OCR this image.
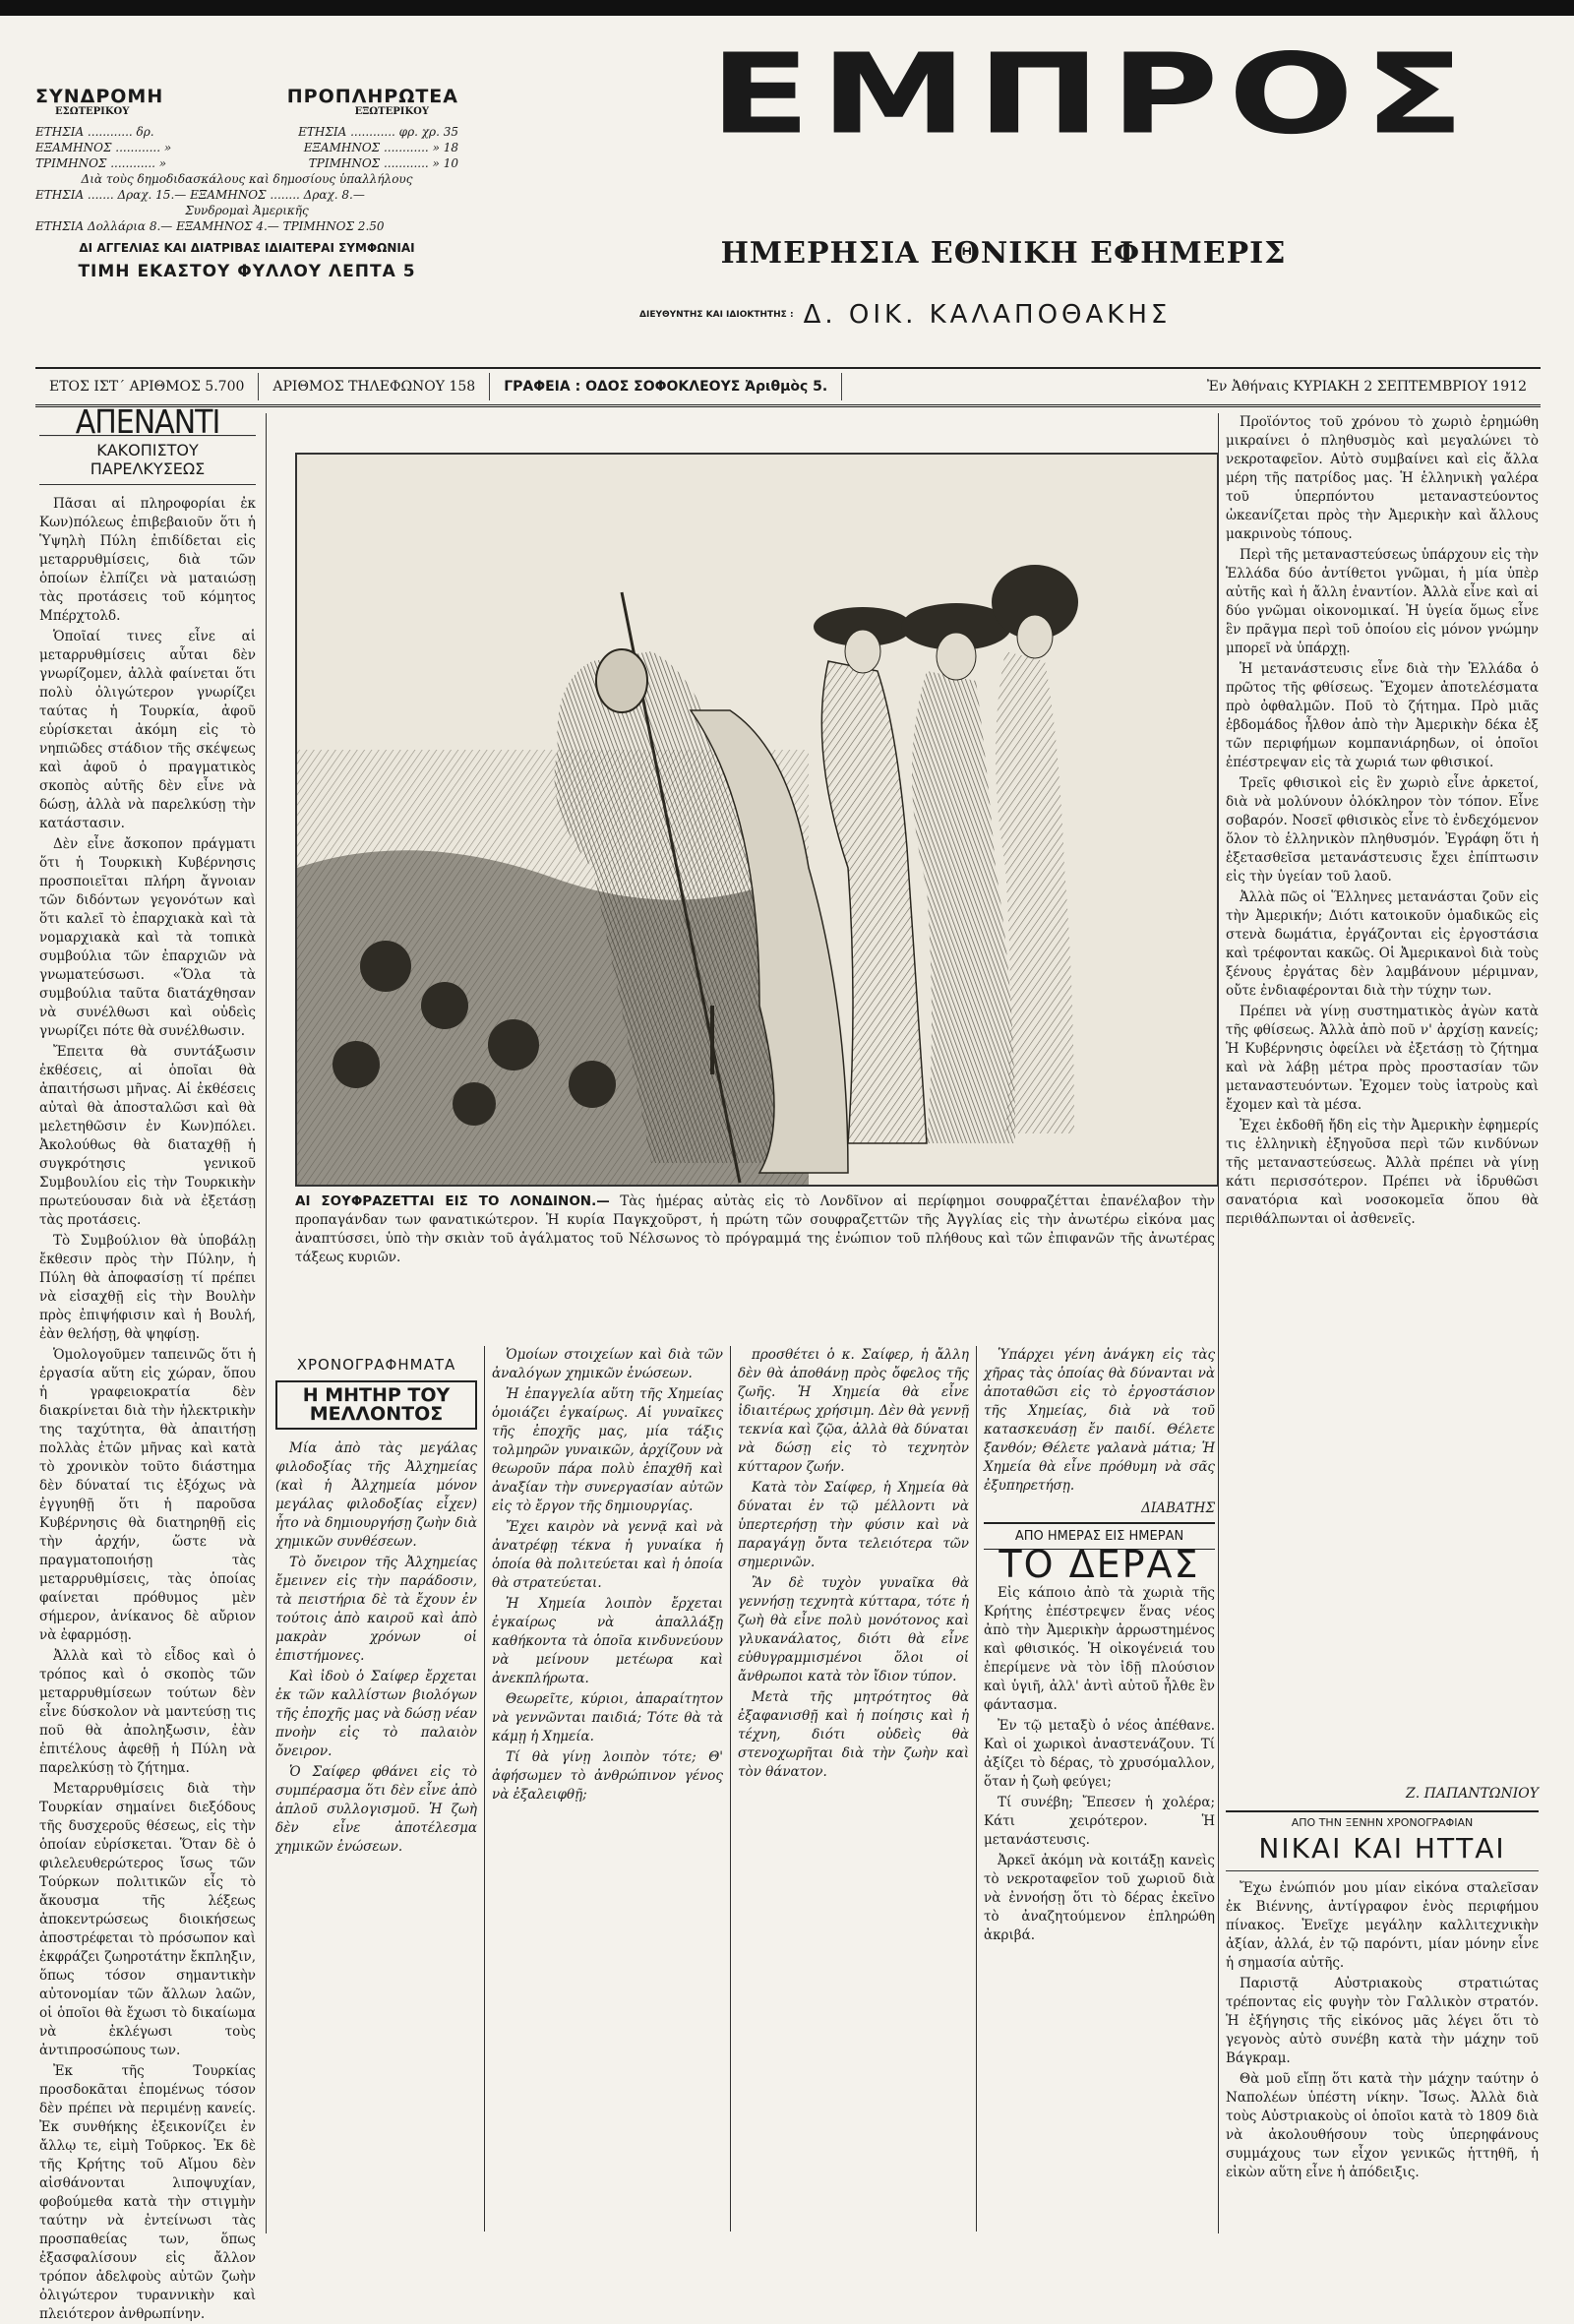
ΣΥΝΔΡΟΜΗ	ΠΡΟΠΛΗΡΩΤΕΑ
ΕΣΩΤΕΡΙΚΟΥ	ΕΞΩΤΕΡΙΚΟΥ
ΕΤΗΣΙΑ ............ δρ.	ΕΤΗΣΙΑ ............ φρ. χρ. 35
ΕΞΑΜΗΝΟΣ ............ »	ΕΞΑΜΗΝΟΣ ............ » 18
ΤΡΙΜΗΝΟΣ ............ »	ΤΡΙΜΗΝΟΣ ............ » 10
Διὰ τοὺς δημοδιδασκάλους καὶ δημοσίους ὑπαλλήλους
ΕΤΗΣΙΑ ....... Δραχ. 15.— ΕΞΑΜΗΝΟΣ ........ Δραχ. 8.—
Συνδρομαὶ Ἀμερικῆς
ΕΤΗΣΙΑ Δολλάρια 8.— ΕΞΑΜΗΝΟΣ 4.— ΤΡΙΜΗΝΟΣ 2.50
ΔΙ ΑΓΓΕΛΙΑΣ ΚΑΙ ΔΙΑΤΡΙΒΑΣ ΙΔΙΑΙΤΕΡΑΙ ΣΥΜΦΩΝΙΑΙ
ΤΙΜΗ ΕΚΑΣΤΟΥ ΦΥΛΛΟΥ ΛΕΠΤΑ 5
ΕΜΠΡΟΣ
ΗΜΕΡΗΣΙΑ ΕΘΝΙΚΗ ΕΦΗΜΕΡΙΣ
ΔΙΕΥΘΥΝΤΗΣ ΚΑΙ ΙΔΙΟΚΤΗΤΗΣ : Δ. ΟΙΚ. ΚΑΛΑΠΟΘΑΚΗΣ
ΕΤΟΣ ΙΣΤ΄ ΑΡΙΘΜΟΣ 5.700	ΑΡΙΘΜΟΣ ΤΗΛΕΦΩΝΟΥ 158	ΓΡΑΦΕΙΑ : ΟΔΟΣ ΣΟΦΟΚΛΕΟΥΣ Ἀριθμὸς 5.	Ἐν Ἀθήναις ΚΥΡΙΑΚΗ 2 ΣΕΠΤΕΜΒΡΙΟΥ 1912
ΑΠΕΝΑΝΤΙ
ΚΑΚΟΠΙΣΤΟΥ ΠΑΡΕΛΚΥΣΕΩΣ

Πᾶσαι αἱ πληροφορίαι ἐκ Κων)πόλεως ἐπιβεβαιοῦν ὅτι ἡ Ὑψηλὴ Πύλη ἐπιδίδεται εἰς μεταρρυθμίσεις, διὰ τῶν ὁποίων ἐλπίζει νὰ ματαιώσῃ τὰς προτάσεις τοῦ κόμητος Μπέρχτολδ.

Ὁποῖαί τινες εἶνε αἱ μεταρρυθμίσεις αὗται δὲν γνωρίζομεν, ἀλλὰ φαίνεται ὅτι πολὺ ὀλιγώτερον γνωρίζει ταύτας ἡ Τουρκία, ἀφοῦ εὑρίσκεται ἀκόμη εἰς τὸ νηπιῶδες στάδιον τῆς σκέψεως καὶ ἀφοῦ ὁ πραγματικὸς σκοπὸς αὐτῆς δὲν εἶνε νὰ δώσῃ, ἀλλὰ νὰ παρελκύσῃ τὴν κατάστασιν.

Δὲν εἶνε ἄσκοπον πράγματι ὅτι ἡ Τουρκικὴ Κυβέρνησις προσποιεῖται πλήρη ἄγνοιαν τῶν διδόντων γεγονότων καὶ ὅτι καλεῖ τὸ ἐπαρχιακὰ καὶ τὰ νομαρχιακὰ καὶ τὰ τοπικὰ συμβούλια τῶν ἐπαρχιῶν νὰ γνωματεύσωσι. «Ὅλα τὰ συμβούλια ταῦτα διατάχθησαν νὰ συνέλθωσι καὶ οὐδεὶς γνωρίζει πότε θὰ συνέλθωσιν.

Ἔπειτα θὰ συντάξωσιν ἐκθέσεις, αἱ ὁποῖαι θὰ ἀπαιτήσωσι μῆνας. Αἱ ἐκθέσεις αὐταὶ θὰ ἀποσταλῶσι καὶ θὰ μελετηθῶσιν ἐν Κων)πόλει. Ἀκολούθως θὰ διαταχθῇ ἡ συγκρότησις γενικοῦ Συμβουλίου εἰς τὴν Τουρκικὴν πρωτεύουσαν διὰ νὰ ἐξετάσῃ τὰς προτάσεις.

Τὸ Συμβούλιον θὰ ὑποβάλῃ ἔκθεσιν πρὸς τὴν Πύλην, ἡ Πύλη θὰ ἀποφασίσῃ τί πρέπει νὰ εἰσαχθῇ εἰς τὴν Βουλὴν πρὸς ἐπιψήφισιν καὶ ἡ Βουλή, ἐὰν θελήσῃ, θὰ ψηφίσῃ.

Ὁμολογοῦμεν ταπεινῶς ὅτι ἡ ἐργασία αὕτη εἰς χώραν, ὅπου ἡ γραφειοκρατία δὲν διακρίνεται διὰ τὴν ἠλεκτρικὴν της ταχύτητα, θὰ ἀπαιτήσῃ πολλὰς ἐτῶν μῆνας καὶ κατὰ τὸ χρονικὸν τοῦτο διάστημα δὲν δύναταί τις ἐξόχως νὰ ἐγγυηθῇ ὅτι ἡ παροῦσα Κυβέρνησις θὰ διατηρηθῇ εἰς τὴν ἀρχήν, ὥστε νὰ πραγματοποιήσῃ τὰς μεταρρυθμίσεις, τὰς ὁποίας φαίνεται πρόθυμος μὲν σήμερον, ἀνίκανος δὲ αὔριον νὰ ἐφαρμόσῃ.

Ἀλλὰ καὶ τὸ εἶδος καὶ ὁ τρόπος καὶ ὁ σκοπὸς τῶν μεταρρυθμίσεων τούτων δὲν εἶνε δύσκολον νὰ μαντεύσῃ τις ποῦ θὰ ἀποληξωσιν, ἐὰν ἐπιτέλους ἀφεθῇ ἡ Πύλη νὰ παρελκύσῃ τὸ ζήτημα.

Μεταρρυθμίσεις διὰ τὴν Τουρκίαν σημαίνει διεξόδους τῆς δυσχεροῦς θέσεως, εἰς τὴν ὁποίαν εὑρίσκεται. Ὅταν δὲ ὁ φιλελευθερώτερος ἴσως τῶν Τούρκων πολιτικῶν εἶς τὸ ἄκουσμα τῆς λέξεως ἀποκεντρώσεως διοικήσεως ἀποστρέφεται τὸ πρόσωπον καὶ ἐκφράζει ζωηροτάτην ἔκπληξιν, ὅπως τόσον σημαντικὴν αὐτονομίαν τῶν ἄλλων λαῶν, οἱ ὁποῖοι θὰ ἔχωσι τὸ δικαίωμα νὰ ἐκλέγωσι τοὺς ἀντιπροσώπους των.

Ἐκ τῆς Τουρκίας προσδοκᾶται ἐπομένως τόσον δὲν πρέπει νὰ περιμένῃ κανείς. Ἐκ συνθήκης ἐξεικονίζει ἐν ἄλλῳ τε, εἰμὴ Τοῦρκος. Ἐκ δὲ τῆς Κρήτης τοῦ Αἴμου δὲν αἰσθάνονται λιποψυχίαν, φοβούμεθα κατὰ τὴν στιγμὴν ταύτην νὰ ἐντείνωσι τὰς προσπαθείας των, ὅπως ἐξασφαλίσουν εἰς ἄλλον τρόπον ἀδελφοὺς αὐτῶν ζωὴν ὀλιγώτερον τυραννικὴν καὶ πλειότερον ἀνθρωπίνην.

ΑΙ ΣΟΥΦΡΑΖΕΤΤΑΙ ΕΙΣ ΤΟ ΛΟΝΔΙΝΟΝ.— Τὰς ἡμέρας αὐτὰς εἰς τὸ Λονδῖνον αἱ περίφημοι σουφραζέτται ἐπανέλαβον τὴν προπαγάνδαν των φανατικώτερον. Ἡ κυρία Παγκχοῦρστ, ἡ πρώτη τῶν σουφραζεττῶν τῆς Ἀγγλίας εἰς τὴν ἀνωτέρω εἰκόνα μας ἀναπτύσσει, ὑπὸ τὴν σκιὰν τοῦ ἀγάλματος τοῦ Νέλσωνος τὸ πρόγραμμά της ἐνώπιον τοῦ πλήθους καὶ τῶν ἐπιφανῶν τῆς ἀνωτέρας τάξεως κυριῶν.

Προϊόντος τοῦ χρόνου τὸ χωριὸ ἐρημώθη μικραίνει ὁ πληθυσμὸς καὶ μεγαλώνει τὸ νεκροταφεῖον. Αὐτὸ συμβαίνει καὶ εἰς ἄλλα μέρη τῆς πατρίδος μας. Ἡ ἑλληνικὴ γαλέρα τοῦ ὑπερπόντου μεταναστεύοντος ὠκεανίζεται πρὸς τὴν Ἀμερικὴν καὶ ἄλλους μακρινοὺς τόπους.

Περὶ τῆς μεταναστεύσεως ὑπάρχουν εἰς τὴν Ἑλλάδα δύο ἀντίθετοι γνῶμαι, ἡ μία ὑπὲρ αὐτῆς καὶ ἡ ἄλλη ἐναντίον. Ἀλλὰ εἶνε καὶ αἱ δύο γνῶμαι οἰκονομικαί. Ἡ ὑγεία ὅμως εἶνε ἓν πρᾶγμα περὶ τοῦ ὁποίου εἰς μόνον γνώμην μπορεῖ νὰ ὑπάρχῃ.

Ἡ μετανάστευσις εἶνε διὰ τὴν Ἑλλάδα ὁ πρῶτος τῆς φθίσεως. Ἔχομεν ἀποτελέσματα πρὸ ὀφθαλμῶν. Ποῦ τὸ ζήτημα. Πρὸ μιᾶς ἑβδομάδος ἦλθον ἀπὸ τὴν Ἀμερικὴν δέκα ἐξ τῶν περιφήμων κομπανιάρηδων, οἱ ὁποῖοι ἐπέστρεψαν εἰς τὰ χωριά των φθισικοί.

Τρεῖς φθισικοὶ εἰς ἓν χωριὸ εἶνε ἀρκετοί, διὰ νὰ μολύνουν ὁλόκληρον τὸν τόπον. Εἶνε σοβαρόν. Νοσεῖ φθισικὸς εἶνε τὸ ἐνδεχόμενον ὅλον τὸ ἑλληνικὸν πληθυσμόν. Ἐγράφη ὅτι ἡ ἐξετασθεῖσα μετανάστευσις ἔχει ἐπίπτωσιν εἰς τὴν ὑγείαν τοῦ λαοῦ.

Ἀλλὰ πῶς οἱ Ἕλληνες μετανάσται ζοῦν εἰς τὴν Ἀμερικήν; Διότι κατοικοῦν ὁμαδικῶς εἰς στενὰ δωμάτια, ἐργάζονται εἰς ἐργοστάσια καὶ τρέφονται κακῶς. Οἱ Ἀμερικανοὶ διὰ τοὺς ξένους ἐργάτας δὲν λαμβάνουν μέριμναν, οὔτε ἐνδιαφέρονται διὰ τὴν τύχην των.

Πρέπει νὰ γίνῃ συστηματικὸς ἀγὼν κατὰ τῆς φθίσεως. Ἀλλὰ ἀπὸ ποῦ ν' ἀρχίσῃ κανείς; Ἡ Κυβέρνησις ὀφείλει νὰ ἐξετάσῃ τὸ ζήτημα καὶ νὰ λάβῃ μέτρα πρὸς προστασίαν τῶν μεταναστευόντων. Ἐχομεν τοὺς ἰατροὺς καὶ ἔχομεν καὶ τὰ μέσα.

Ἐχει ἐκδοθῆ ἤδη εἰς τὴν Ἀμερικὴν ἐφημερίς τις ἑλληνικὴ ἐξηγοῦσα περὶ τῶν κινδύνων τῆς μεταναστεύσεως. Ἀλλὰ πρέπει νὰ γίνῃ κάτι περισσότερον. Πρέπει νὰ ἱδρυθῶσι σανατόρια καὶ νοσοκομεῖα ὅπου θὰ περιθάλπωνται οἱ ἀσθενεῖς.

Ζ. ΠΑΠΑΝΤΩΝΙΟΥ
ΑΠΟ ΤΗΝ ΞΕΝΗΝ ΧΡΟΝΟΓΡΑΦΙΑΝ
ΝΙΚΑΙ ΚΑΙ ΗΤΤΑΙ

Ἔχω ἐνώπιόν μου μίαν εἰκόνα σταλεῖσαν ἐκ Βιέννης, ἀντίγραφον ἑνὸς περιφήμου πίνακος. Ἐνεῖχε μεγάλην καλλιτεχνικὴν ἀξίαν, ἀλλά, ἐν τῷ παρόντι, μίαν μόνην εἶνε ἡ σημασία αὐτῆς.

Παριστᾷ Αὐστριακοὺς στρατιώτας τρέποντας εἰς φυγὴν τὸν Γαλλικὸν στρατόν. Ἡ ἐξήγησις τῆς εἰκόνος μᾶς λέγει ὅτι τὸ γεγονὸς αὐτὸ συνέβη κατὰ τὴν μάχην τοῦ Βάγκραμ.

Θὰ μοῦ εἴπῃ ὅτι κατὰ τὴν μάχην ταύτην ὁ Ναπολέων ὑπέστη νίκην. Ἴσως. Ἀλλὰ διὰ τοὺς Αὐστριακοὺς οἱ ὁποῖοι κατὰ τὸ 1809 διὰ νὰ ἀκολουθήσουν τοὺς ὑπερηφάνους συμμάχους των εἶχον γενικῶς ἡττηθῆ, ἡ εἰκὼν αὕτη εἶνε ἡ ἀπόδειξις.

ΧΡΟΝΟΓΡΑΦΗΜΑΤΑ
Η ΜΗΤΗΡ ΤΟΥ ΜΕΛΛΟΝΤΟΣ

Μία ἀπὸ τὰς μεγάλας φιλοδοξίας τῆς Ἀλχημείας (καὶ ἡ Ἀλχημεία μόνον μεγάλας φιλοδοξίας εἶχεν) ἦτο νὰ δημιουργήσῃ ζωὴν διὰ χημικῶν συνθέσεων.

Τὸ ὄνειρον τῆς Ἀλχημείας ἔμεινεν εἰς τὴν παράδοσιν, τὰ πειστήρια δὲ τὰ ἔχουν ἐν τούτοις ἀπὸ καιροῦ καὶ ἀπὸ μακρὰν χρόνων οἱ ἐπιστήμονες.

Καὶ ἰδοὺ ὁ Σαίφερ ἔρχεται ἐκ τῶν καλλίστων βιολόγων τῆς ἐποχῆς μας νὰ δώσῃ νέαν πνοὴν εἰς τὸ παλαιὸν ὄνειρον.

Ὁ Σαίφερ φθάνει εἰς τὸ συμπέρασμα ὅτι δὲν εἶνε ἀπὸ ἀπλοῦ συλλογισμοῦ. Ἡ ζωὴ δὲν εἶνε ἀποτέλεσμα χημικῶν ἑνώσεων.

Ὁμοίων στοιχείων καὶ διὰ τῶν ἀναλόγων χημικῶν ἑνώσεων.

Ἡ ἐπαγγελία αὕτη τῆς Χημείας ὁμοιάζει ἐγκαίρως. Αἱ γυναῖκες τῆς ἐποχῆς μας, μία τάξις τολμηρῶν γυναικῶν, ἀρχίζουν νὰ θεωροῦν πάρα πολὺ ἐπαχθῆ καὶ ἀναξίαν τὴν συνεργασίαν αὐτῶν εἰς τὸ ἔργον τῆς δημιουργίας.

Ἔχει καιρὸν νὰ γεννᾷ καὶ νὰ ἀνατρέφῃ τέκνα ἡ γυναίκα ἡ ὁποία θὰ πολιτεύεται καὶ ἡ ὁποία θὰ στρατεύεται.

Ἡ Χημεία λοιπὸν ἔρχεται ἐγκαίρως νὰ ἀπαλλάξῃ καθήκοντα τὰ ὁποῖα κινδυνεύουν νὰ μείνουν μετέωρα καὶ ἀνεκπλήρωτα.

Θεωρεῖτε, κύριοι, ἀπαραίτητον νὰ γεννῶνται παιδιά; Τότε θὰ τὰ κάμῃ ἡ Χημεία.

Τί θὰ γίνῃ λοιπὸν τότε; Θ' ἀφήσωμεν τὸ ἀνθρώπινον γένος νὰ ἐξαλειφθῇ;

προσθέτει ὁ κ. Σαίφερ, ἡ ἄλλη δὲν θὰ ἀποθάνῃ πρὸς ὄφελος τῆς ζωῆς. Ἡ Χημεία θὰ εἶνε ἰδιαιτέρως χρήσιμη. Δὲν θὰ γεννῇ τεκνία καὶ ζῷα, ἀλλὰ θὰ δύναται νὰ δώσῃ εἰς τὸ τεχνητὸν κύτταρον ζωήν.

Κατὰ τὸν Σαίφερ, ἡ Χημεία θὰ δύναται ἐν τῷ μέλλοντι νὰ ὑπερτερήσῃ τὴν φύσιν καὶ νὰ παραγάγῃ ὄντα τελειότερα τῶν σημερινῶν.

Ἂν δὲ τυχὸν γυναῖκα θὰ γεννήσῃ τεχνητὰ κύτταρα, τότε ἡ ζωὴ θὰ εἶνε πολὺ μονότονος καὶ γλυκανάλατος, διότι θὰ εἶνε εὐθυγραμμισμένοι ὅλοι οἱ ἄνθρωποι κατὰ τὸν ἴδιον τύπον.

Μετὰ τῆς μητρότητος θὰ ἐξαφανισθῇ καὶ ἡ ποίησις καὶ ἡ τέχνη, διότι οὐδεὶς θὰ στενοχωρῆται διὰ τὴν ζωὴν καὶ τὸν θάνατον.

Ὑπάρχει γένη ἀνάγκη εἰς τὰς χῆρας τὰς ὁποίας θὰ δύνανται νὰ ἀποταθῶσι εἰς τὸ ἐργοστάσιον τῆς Χημείας, διὰ νὰ τοῦ κατασκευάσῃ ἔν παιδί. Θέλετε ξανθόν; Θέλετε γαλανὰ μάτια; Ἡ Χημεία θὰ εἶνε πρόθυμη νὰ σᾶς ἐξυπηρετήσῃ.

ΔΙΑΒΑΤΗΣ
ΑΠΟ ΗΜΕΡΑΣ ΕΙΣ ΗΜΕΡΑΝ
ΤΟ ΔΕΡΑΣ

Εἰς κάποιο ἀπὸ τὰ χωριὰ τῆς Κρήτης ἐπέστρεψεν ἕνας νέος ἀπὸ τὴν Ἀμερικὴν ἀρρωστημένος καὶ φθισικός. Ἡ οἰκογένειά του ἐπερίμενε νὰ τὸν ἰδῇ πλούσιον καὶ ὑγιῆ, ἀλλ' ἀντὶ αὐτοῦ ἦλθε ἓν φάντασμα.

Ἐν τῷ μεταξὺ ὁ νέος ἀπέθανε. Καὶ οἱ χωρικοὶ ἀναστενάζουν. Τί ἀξίζει τὸ δέρας, τὸ χρυσόμαλλον, ὅταν ἡ ζωὴ φεύγει;

Τί συνέβη; Ἔπεσεν ἡ χολέρα; Κάτι χειρότερον. Ἡ μετανάστευσις.

Ἀρκεῖ ἀκόμη νὰ κοιτάξῃ κανεὶς τὸ νεκροταφεῖον τοῦ χωριοῦ διὰ νὰ ἐννοήσῃ ὅτι τὸ δέρας ἐκεῖνο τὸ ἀναζητούμενον ἐπληρώθη ἀκριβά.
